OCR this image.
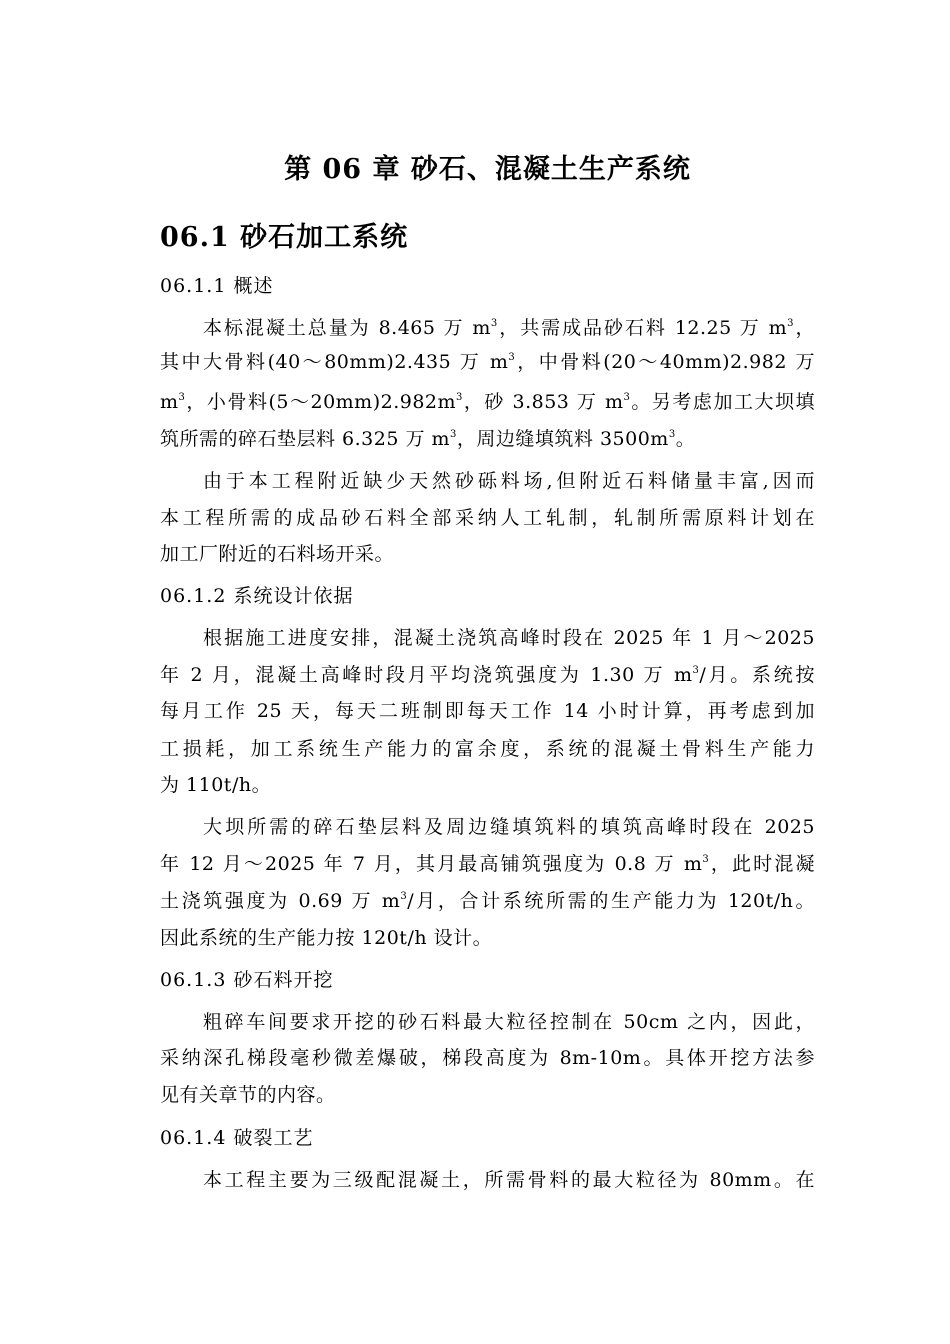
第 06 章 砂石、混凝土生产系统
06.1 砂石加工系统
06.1.1 概述
本标混凝土总量为 8.465 万 $m^3$，共需成品砂石料 12.25 万 $m^3$，
其中大骨料(40～80mm)2.435 万 $m^3$，中骨料(20～40mm)2.982 万
$m^3$，小骨料$(5\sim 20mm)2.982m^3$，砂 3.853 万 $m^3$。另考虑加工大坝填
筑所需的碎石垫层料 6.325 万 $m^3$，周边缝填筑料 $3500m^3$。
由于本工程附近缺少天然砂砾料场,但附近石料储量丰富,因而
本工程所需的成品砂石料全部采纳人工轧制，轧制所需原料计划在
加工厂附近的石料场开采。
06.1.2 系统设计依据
根据施工进度安排，混凝土浇筑高峰时段在 2025 年 1 月～2025
年 2 月，混凝土高峰时段月平均浇筑强度为 1.30 万 $m^3/$月。系统按
每月工作 25 天，每天二班制即每天工作 14 小时计算，再考虑到加
工损耗，加工系统生产能力的富余度，系统的混凝土骨料生产能力
为 110t/h。
大坝所需的碎石垫层料及周边缝填筑料的填筑高峰时段在 2025
年 12 月～2025 年 7 月，其月最高铺筑强度为 0.8 万 $m^3$，此时混凝
土浇筑强度为 0.69 万 $m^3/$月，合计系统所需的生产能力为 120t/h。
因此系统的生产能力按 120t/h 设计。
06.1.3 砂石料开挖
粗碎车间要求开挖的砂石料最大粒径控制在 50cm 之内，因此，
采纳深孔梯段毫秒微差爆破，梯段高度为 8m-10m。具体开挖方法参
见有关章节的内容。
06.1.4 破裂工艺
本工程主要为三级配混凝土，所需骨料的最大粒径为 80mm。在
